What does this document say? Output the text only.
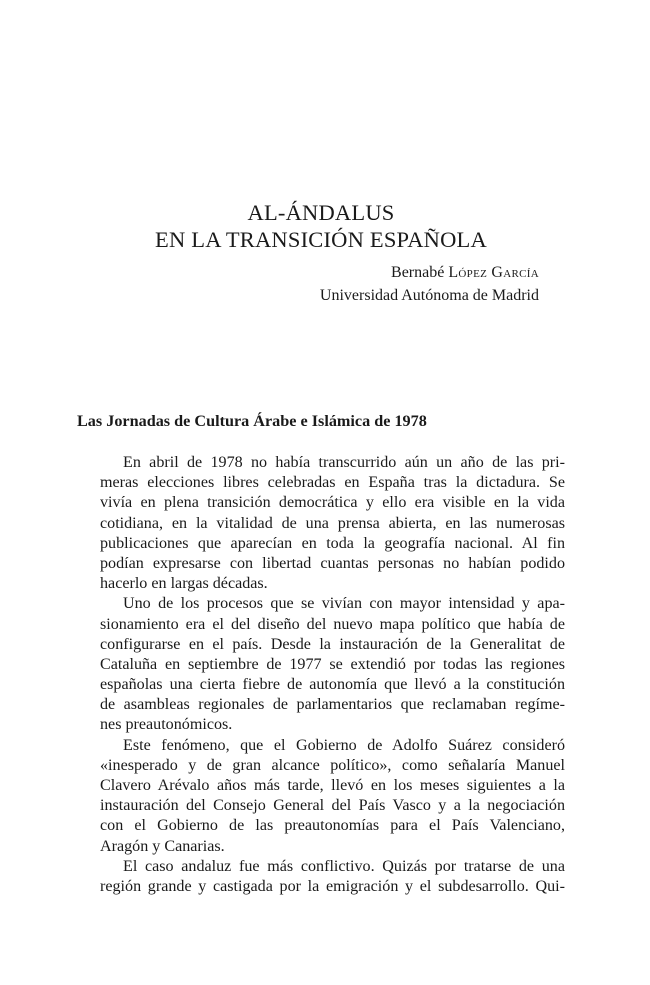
AL-ÁNDALUS
EN LA TRANSICIÓN ESPAÑOLA
Bernabé López García
Universidad Autónoma de Madrid
Las Jornadas de Cultura Árabe e Islámica de 1978
En abril de 1978 no había transcurrido aún un año de las pri-
meras elecciones libres celebradas en España tras la dictadura. Se
vivía en plena transición democrática y ello era visible en la vida
cotidiana, en la vitalidad de una prensa abierta, en las numerosas
publicaciones que aparecían en toda la geografía nacional. Al fin
podían expresarse con libertad cuantas personas no habían podido
hacerlo en largas décadas.
Uno de los procesos que se vivían con mayor intensidad y apa-
sionamiento era el del diseño del nuevo mapa político que había de
configurarse en el país. Desde la instauración de la Generalitat de
Cataluña en septiembre de 1977 se extendió por todas las regiones
españolas una cierta fiebre de autonomía que llevó a la constitución
de asambleas regionales de parlamentarios que reclamaban regíme-
nes preautonómicos.
Este fenómeno, que el Gobierno de Adolfo Suárez consideró
«inesperado y de gran alcance político», como señalaría Manuel
Clavero Arévalo años más tarde, llevó en los meses siguientes a la
instauración del Consejo General del País Vasco y a la negociación
con el Gobierno de las preautonomías para el País Valenciano,
Aragón y Canarias.
El caso andaluz fue más conflictivo. Quizás por tratarse de una
región grande y castigada por la emigración y el subdesarrollo. Qui-
